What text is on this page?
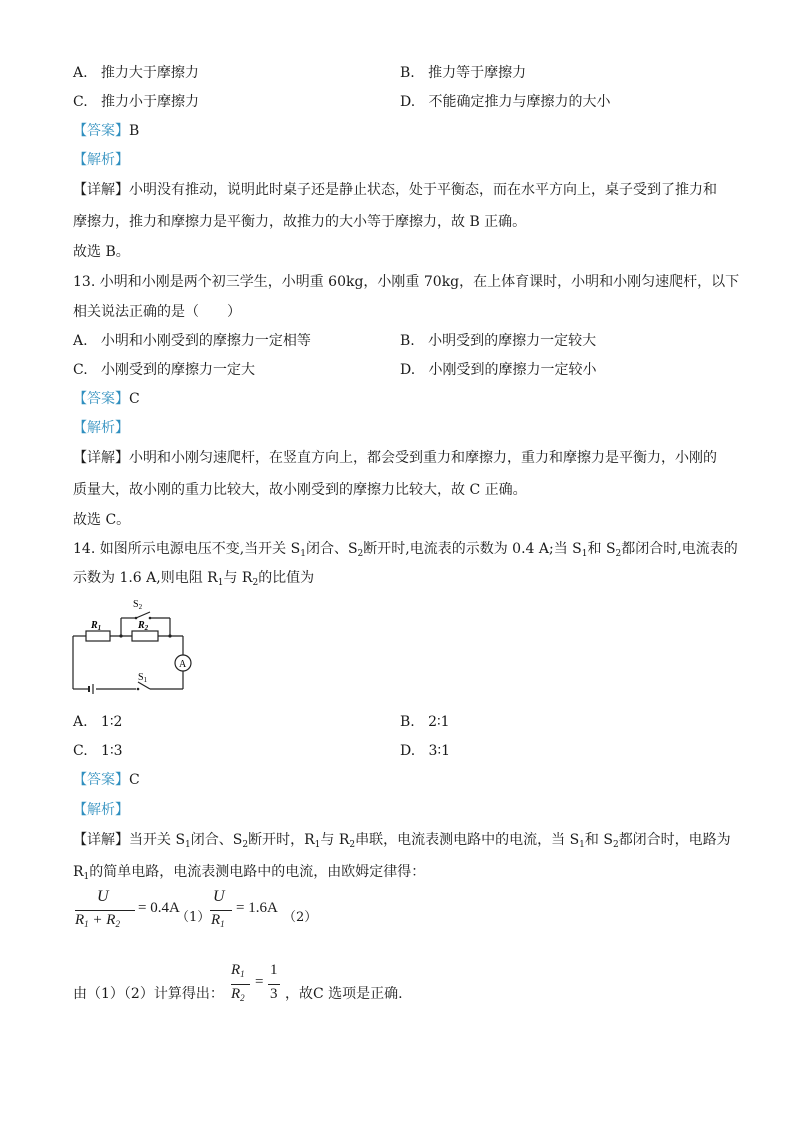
A. 推力大于摩擦力	B. 推力等于摩擦力
C. 推力小于摩擦力	D. 不能确定推力与摩擦力的大小
【答案】B
【解析】
【详解】小明没有推动，说明此时桌子还是静止状态，处于平衡态，而在水平方向上，桌子受到了推力和
摩擦力，推力和摩擦力是平衡力，故推力的大小等于摩擦力，故 B 正确。
故选 B。
13. 小明和小刚是两个初三学生，小明重 60kg，小刚重 70kg，在上体育课时，小明和小刚匀速爬杆，以下
相关说法正确的是（　　）
A. 小明和小刚受到的摩擦力一定相等	B. 小明受到的摩擦力一定较大
C. 小刚受到的摩擦力一定大	D. 小刚受到的摩擦力一定较小
【答案】C
【解析】
【详解】小明和小刚匀速爬杆，在竖直方向上，都会受到重力和摩擦力，重力和摩擦力是平衡力，小刚的
质量大，故小刚的重力比较大，故小刚受到的摩擦力比较大，故 C 正确。
故选 C。
14. 如图所示电源电压不变,当开关 $S_1$闭合、$S_2$断开时,电流表的示数为 0.4 A;当 $S_1$和 $S_2$都闭合时,电流表的
示数为 1.6 A,则电阻 $R_1$与 $R_2$的比值为
$R_1$	$R_2$
$S_2$
$S_1$
A
A. 1∶2	B. 2∶1
C. 1∶3	D. 3∶1
【答案】C
【解析】
【详解】当开关 $S_1$闭合、$S_2$断开时，$R_1$与 $R_2$串联，电流表测电路中的电流，当 $S_1$和 $S_2$都闭合时，电路为
$R_1$的简单电路，电流表测电路中的电流，由欧姆定律得：
U
$R_1 + R_2$
= 0.4A
（1）
U
$R_1$
= 1.6A
（2）
由（1）（2）计算得出：
$R_1$
$R_2$
=
1
3 ，故C 选项是正确.
